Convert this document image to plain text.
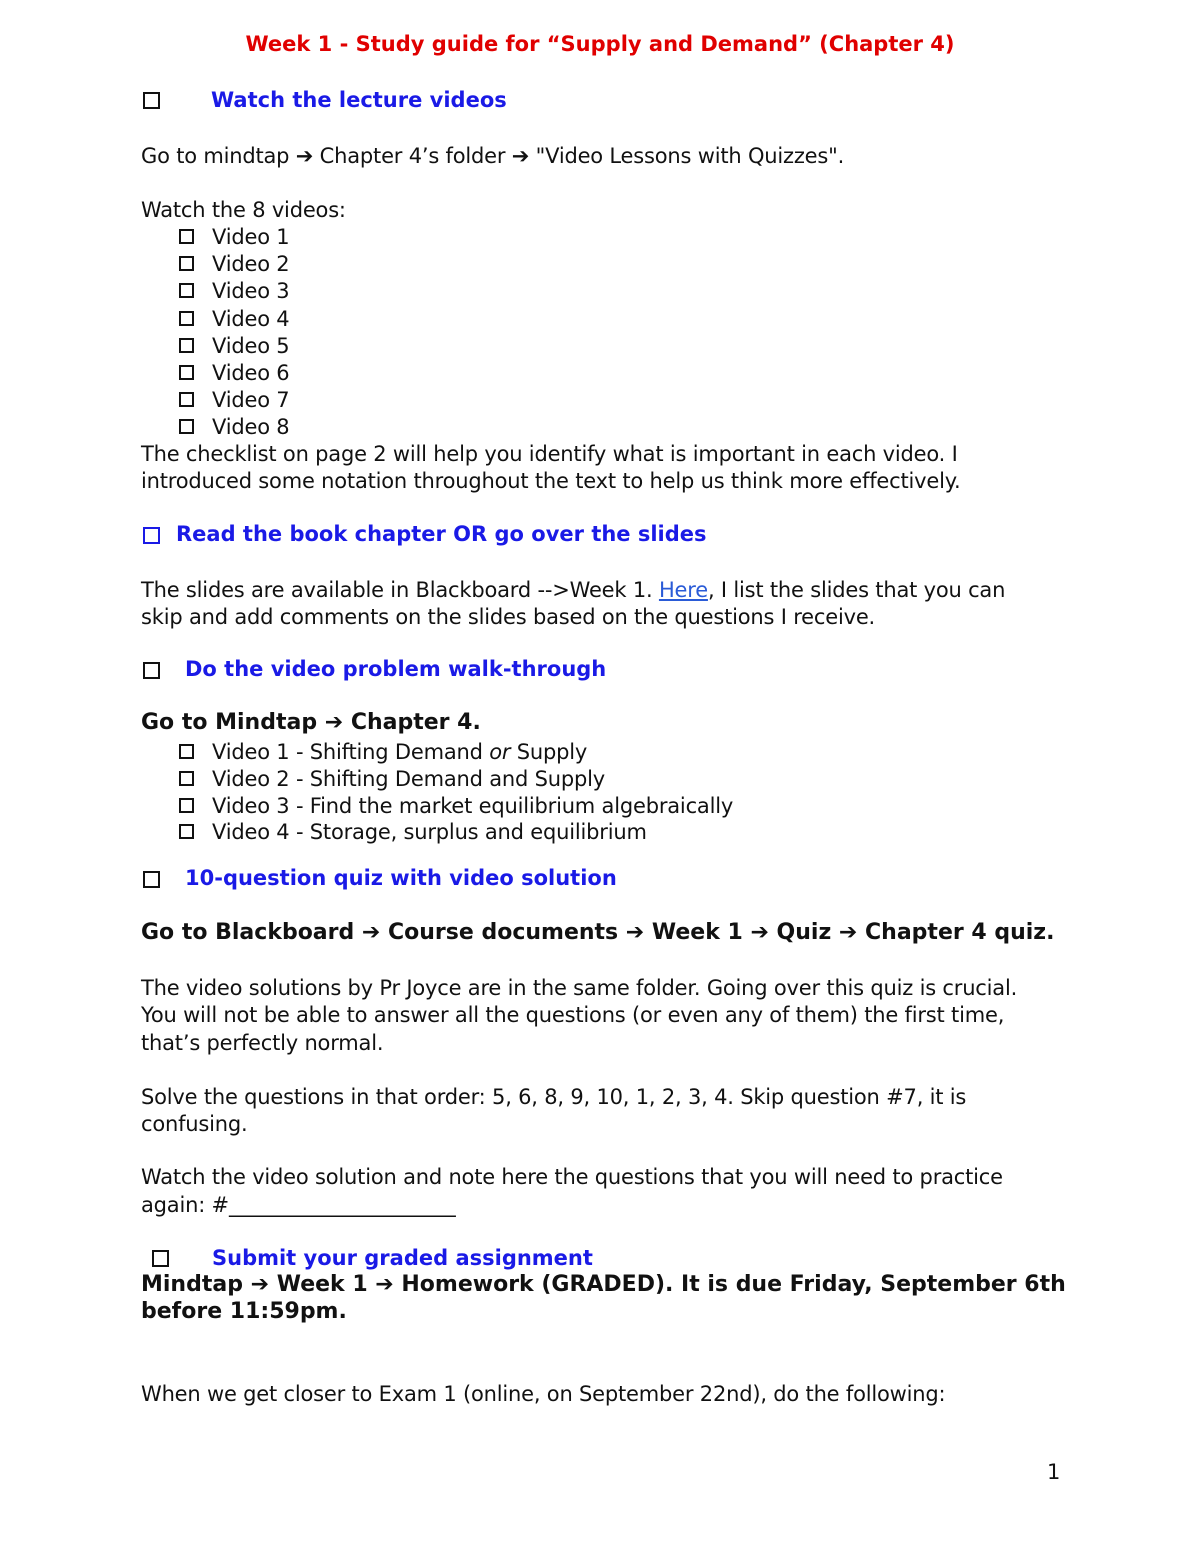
Week 1 - Study guide for “Supply and Demand” (Chapter 4)
Watch the lecture videos
Go to mindtap ➔ Chapter 4’s folder ➔ "Video Lessons with Quizzes".
Watch the 8 videos:
Video 1
Video 2
Video 3
Video 4
Video 5
Video 6
Video 7
Video 8
The checklist on page 2 will help you identify what is important in each video. I
introduced some notation throughout the text to help us think more effectively.
Read the book chapter OR go over the slides
The slides are available in Blackboard -->Week 1. Here, I list the slides that you can
skip and add comments on the slides based on the questions I receive.
Do the video problem walk-through
Go to Mindtap ➔ Chapter 4.
Video 1 - Shifting Demand or Supply
Video 2 - Shifting Demand and Supply
Video 3 - Find the market equilibrium algebraically
Video 4 - Storage, surplus and equilibrium
10-question quiz with video solution
Go to Blackboard ➔ Course documents ➔ Week 1 ➔ Quiz ➔ Chapter 4 quiz.
The video solutions by Pr Joyce are in the same folder. Going over this quiz is crucial.
You will not be able to answer all the questions (or even any of them) the first time,
that’s perfectly normal.
Solve the questions in that order: 5, 6, 8, 9, 10, 1, 2, 3, 4. Skip question #7, it is
confusing.
Watch the video solution and note here the questions that you will need to practice
again: #______________________
Submit your graded assignment
Mindtap ➔ Week 1 ➔ Homework (GRADED). It is due Friday, September 6th
before 11:59pm.
When we get closer to Exam 1 (online, on September 22nd), do the following:
1
